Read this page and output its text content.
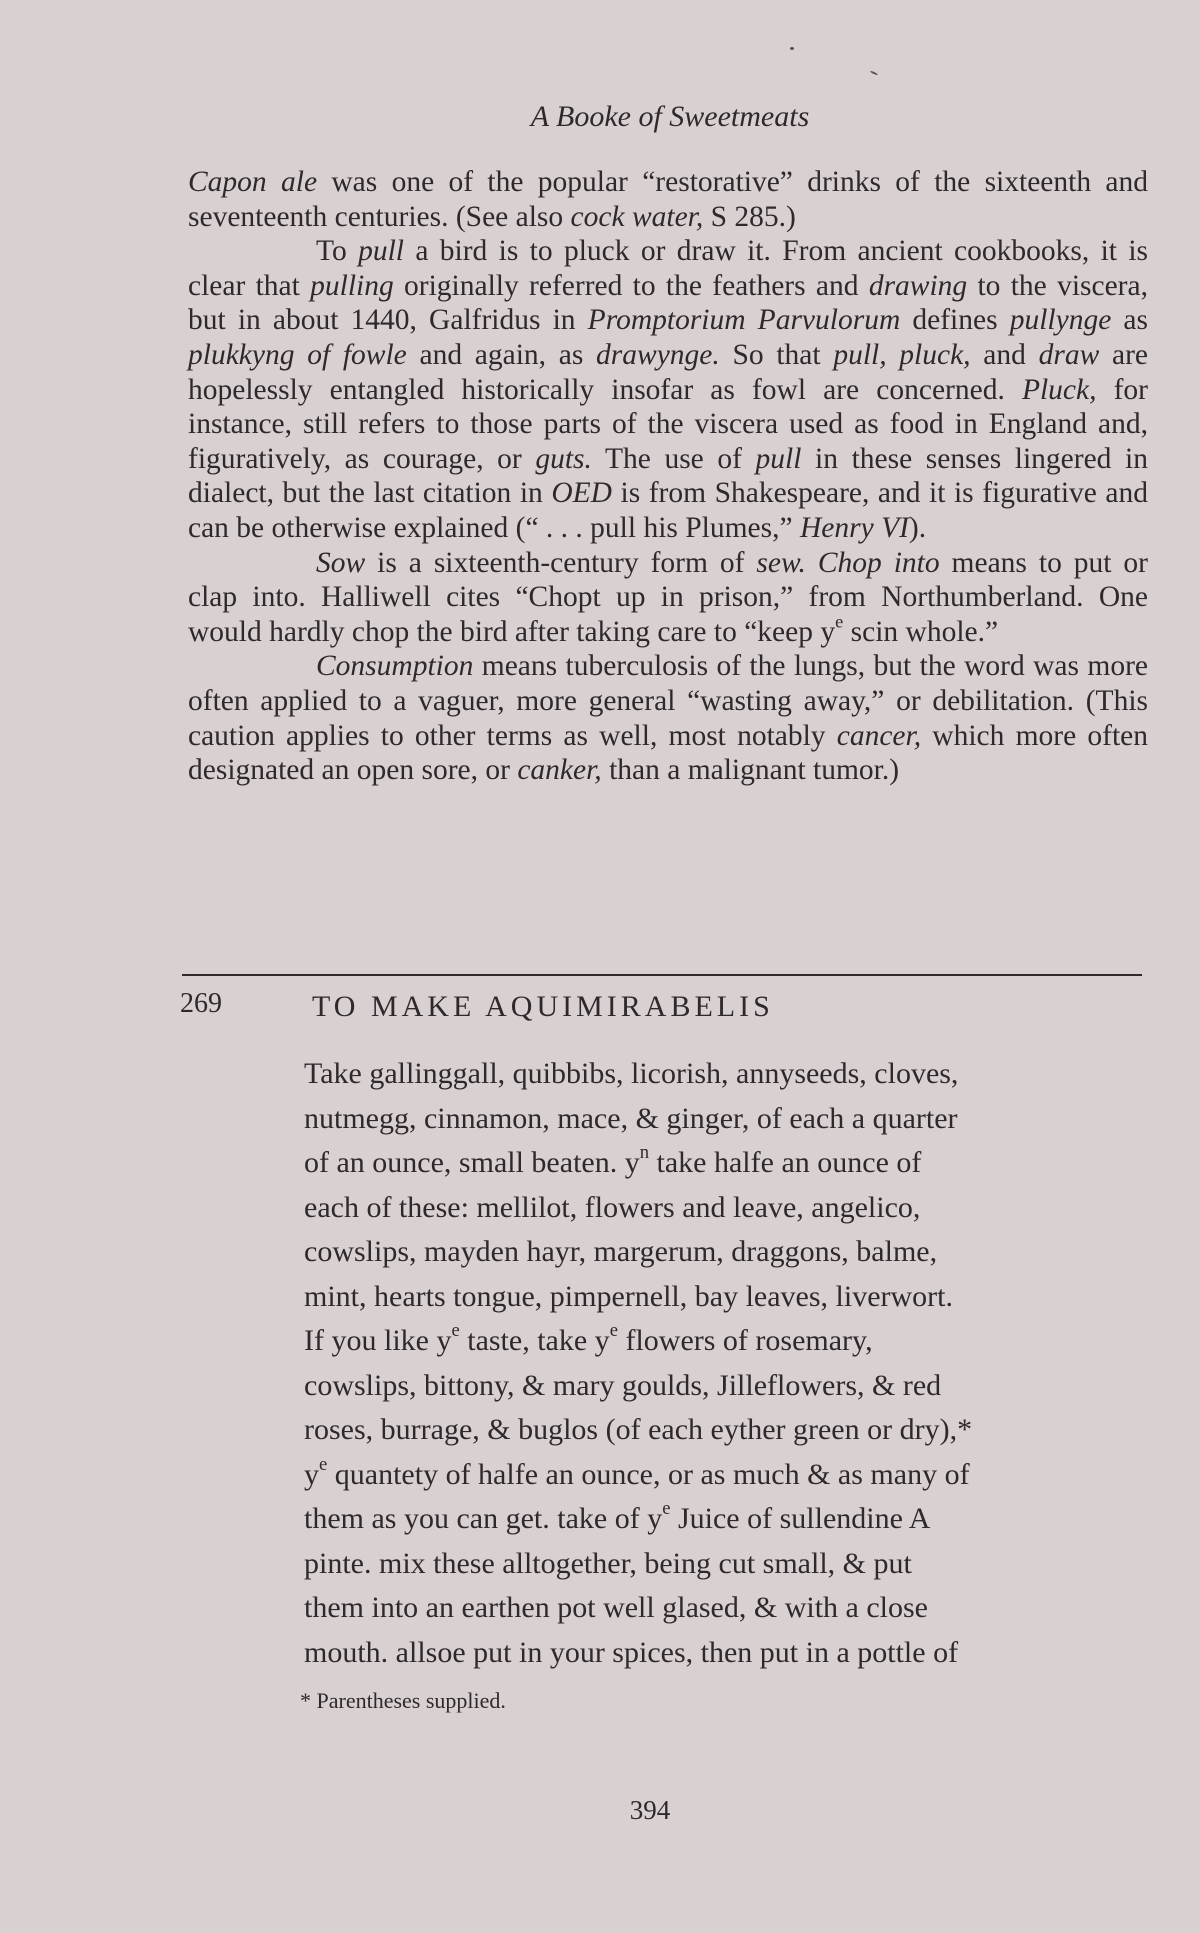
A Booke of Sweetmeats

Capon ale was one of the popular “restorative” drinks of the sixteenth and seventeenth centuries. (See also cock water, S 285.)

To pull a bird is to pluck or draw it. From ancient cookbooks, it is clear that pulling originally referred to the feathers and drawing to the viscera, but in about 1440, Galfridus in Promptorium Parvulorum defines pullynge as plukkyng of fowle and again, as drawynge. So that pull, pluck, and draw are hopelessly entangled historically insofar as fowl are concerned. Pluck, for instance, still refers to those parts of the viscera used as food in England and, figuratively, as courage, or guts. The use of pull in these senses lingered in dialect, but the last citation in OED is from Shakespeare, and it is figurative and can be otherwise explained (“ . . . pull his Plumes,” Henry VI).

Sow is a sixteenth-century form of sew. Chop into means to put or clap into. Halliwell cites “Chopt up in prison,” from Northumberland. One would hardly chop the bird after taking care to “keep $y^e$ scin whole.”

Consumption means tuberculosis of the lungs, but the word was more often applied to a vaguer, more general “wasting away,” or debilitation. (This caution applies to other terms as well, most notably cancer, which more often designated an open sore, or canker, than a malignant tumor.)

269	TO MAKE AQUIMIRABELIS
Take gallinggall, quibbibs, licorish, annyseeds, cloves,
nutmegg, cinnamon, mace, & ginger, of each a quarter
of an ounce, small beaten. $y^n$ take halfe an ounce of
each of these: mellilot, flowers and leave, angelico,
cowslips, mayden hayr, margerum, draggons, balme,
mint, hearts tongue, pimpernell, bay leaves, liverwort.
If you like $y^e$ taste, take $y^e$ flowers of rosemary,
cowslips, bittony, & mary goulds, Jilleflowers, & red
roses, burrage, & buglos (of each eyther green or dry),*
$y^e$ quantety of halfe an ounce, or as much & as many of
them as you can get. take of $y^e$ Juice of sullendine A
pinte. mix these alltogether, being cut small, & put
them into an earthen pot well glased, & with a close
mouth. allsoe put in your spices, then put in a pottle of
* Parentheses supplied.
394
